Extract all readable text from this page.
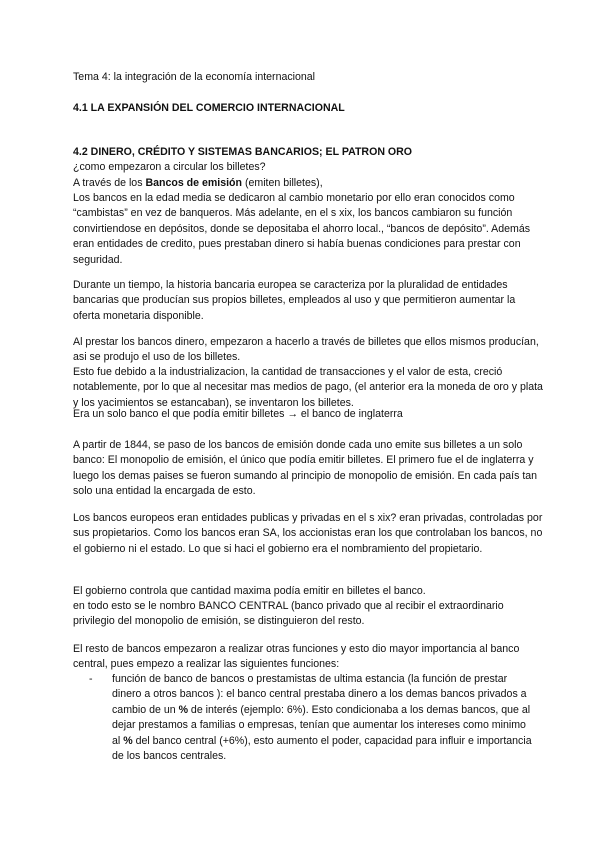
Tema 4: la integración de la economía internacional

4.1 LA EXPANSIÓN DEL COMERCIO INTERNACIONAL

4.2 DINERO, CRÉDITO Y SISTEMAS BANCARIOS; EL PATRON ORO

¿como empezaron a circular los billetes?

A través de los Bancos de emisión (emiten billetes),

Los bancos en la edad media se dedicaron al cambio monetario por ello eran conocidos como “cambistas” en vez de banqueros. Más adelante, en el s xix, los bancos cambiaron su función convirtiendose en depósitos, donde se depositaba el ahorro local., “bancos de depósito”. Además eran entidades de credito, pues prestaban dinero si había buenas condiciones para prestar con seguridad.

Durante un tiempo, la historia bancaria europea se caracteriza por la pluralidad de entidades bancarias que producían sus propios billetes, empleados al uso y que permitieron aumentar la oferta monetaria disponible.

Al prestar los bancos dinero, empezaron a hacerlo a través de billetes que ellos mismos producían, asi se produjo el uso de los billetes.

Esto fue debido a la industrializacion, la cantidad de transacciones y el valor de esta, creció notablemente, por lo que al necesitar mas medios de pago, (el anterior era la moneda de oro y plata y los yacimientos se estancaban), se inventaron los billetes.

Era un solo banco el que podía emitir billetes → el banco de inglaterra

A partir de 1844, se paso de los bancos de emisión donde cada uno emite sus billetes a un solo banco: El monopolio de emisión, el único que podía emitir billetes. El primero fue el de inglaterra y luego los demas paises se fueron sumando al principio de monopolio de emisión. En cada país tan solo una entidad la encargada de esto.

Los bancos europeos eran entidades publicas y privadas en el s xix? eran privadas, controladas por sus propietarios. Como los bancos eran SA, los accionistas eran los que controlaban los bancos, no el gobierno ni el estado. Lo que si haci el gobierno era el nombramiento del propietario.

El gobierno controla que cantidad maxima podía emitir en billetes el banco.

en todo esto se le nombro BANCO CENTRAL (banco privado que al recibir el extraordinario privilegio del monopolio de emisión, se distinguieron del resto.

El resto de bancos empezaron a realizar otras funciones y esto dio mayor importancia al banco central, pues empezo a realizar las siguientes funciones:

- función de banco de bancos o prestamistas de ultima estancia (la función de prestar dinero a otros bancos ): el banco central prestaba dinero a los demas bancos privados a cambio de un % de interés (ejemplo: 6%). Esto condicionaba a los demas bancos, que al dejar prestamos a familias o empresas, tenían que aumentar los intereses como minimo al % del banco central (+6%), esto aumento el poder, capacidad para influir e importancia de los bancos centrales.
